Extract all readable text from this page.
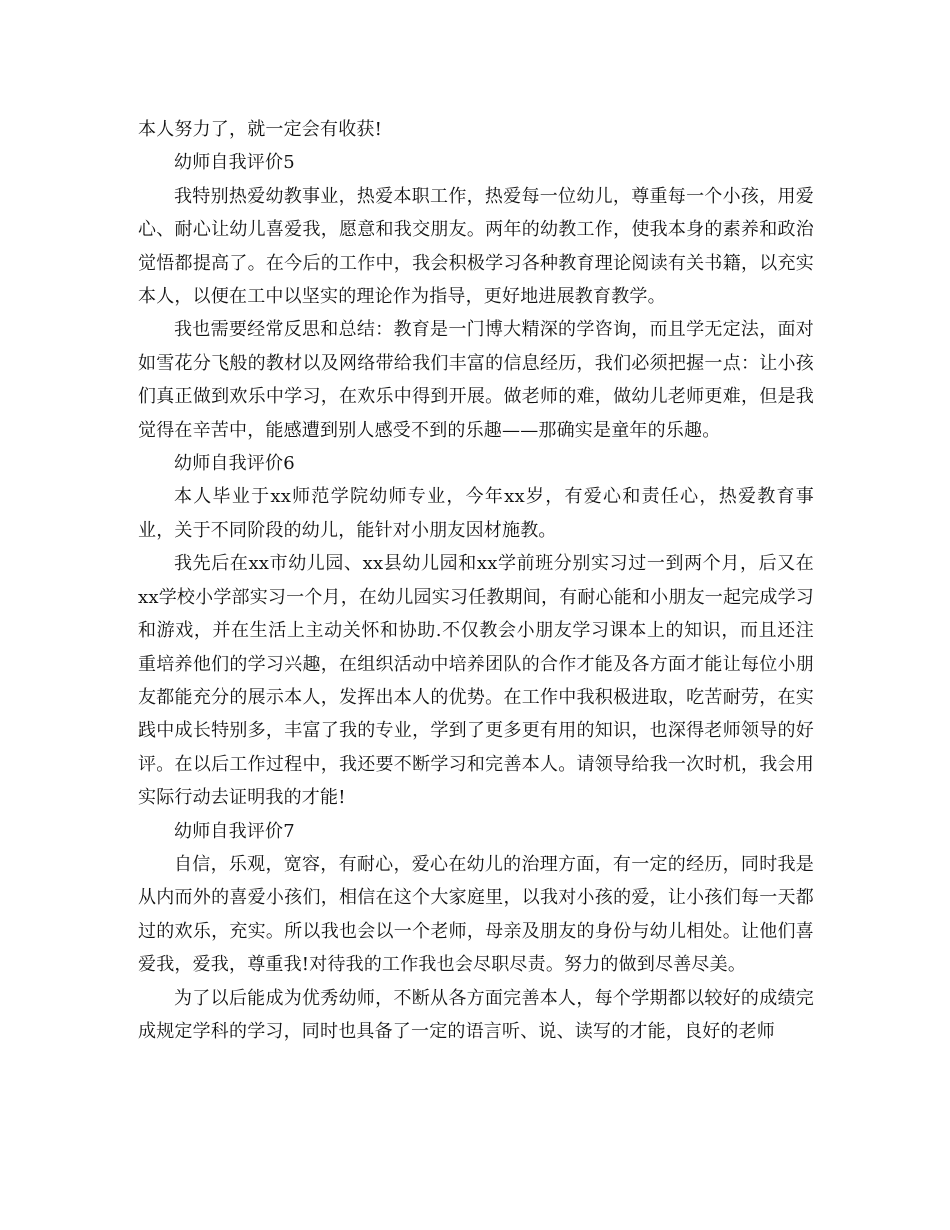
本人努力了，就一定会有收获!

幼师自我评价5

我特别热爱幼教事业，热爱本职工作，热爱每一位幼儿，尊重每一个小孩，用爱心、耐心让幼儿喜爱我，愿意和我交朋友。两年的幼教工作，使我本身的素养和政治觉悟都提高了。在今后的工作中，我会积极学习各种教育理论阅读有关书籍，以充实本人，以便在工中以坚实的理论作为指导，更好地进展教育教学。

我也需要经常反思和总结：教育是一门博大精深的学咨询，而且学无定法，面对如雪花分飞般的教材以及网络带给我们丰富的信息经历，我们必须把握一点：让小孩们真正做到欢乐中学习，在欢乐中得到开展。做老师的难，做幼儿老师更难，但是我觉得在辛苦中，能感遭到别人感受不到的乐趣——那确实是童年的乐趣。

幼师自我评价6

本人毕业于xx师范学院幼师专业，今年xx岁，有爱心和责任心，热爱教育事业，关于不同阶段的幼儿，能针对小朋友因材施教。

我先后在xx市幼儿园、xx县幼儿园和xx学前班分别实习过一到两个月，后又在xx学校小学部实习一个月，在幼儿园实习任教期间，有耐心能和小朋友一起完成学习和游戏，并在生活上主动关怀和协助.不仅教会小朋友学习课本上的知识，而且还注重培养他们的学习兴趣，在组织活动中培养团队的合作才能及各方面才能让每位小朋友都能充分的展示本人，发挥出本人的优势。在工作中我积极进取，吃苦耐劳，在实践中成长特别多，丰富了我的专业，学到了更多更有用的知识，也深得老师领导的好评。在以后工作过程中，我还要不断学习和完善本人。请领导给我一次时机，我会用实际行动去证明我的才能!

幼师自我评价7

自信，乐观，宽容，有耐心，爱心在幼儿的治理方面，有一定的经历，同时我是从内而外的喜爱小孩们，相信在这个大家庭里，以我对小孩的爱，让小孩们每一天都过的欢乐，充实。所以我也会以一个老师，母亲及朋友的身份与幼儿相处。让他们喜爱我，爱我，尊重我!对待我的工作我也会尽职尽责。努力的做到尽善尽美。

为了以后能成为优秀幼师，不断从各方面完善本人，每个学期都以较好的成绩完成规定学科的学习，同时也具备了一定的语言听、说、读写的才能，良好的老师
